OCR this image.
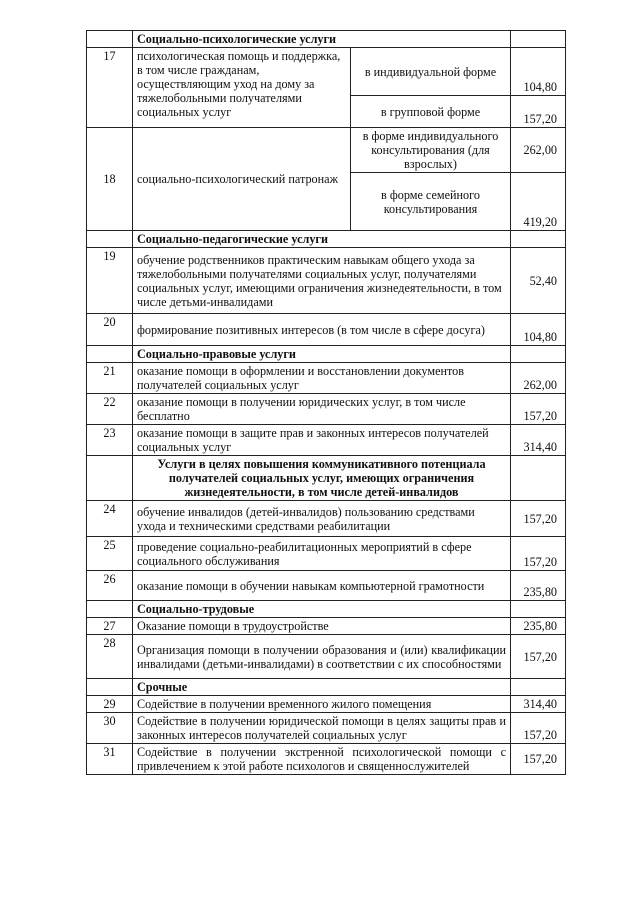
	Социально-психологические услуги		
17	психологическая помощь и поддержка, в том числе гражданам, осуществляющим уход на дому за тяжелобольными получателями социальных услуг	в индивидуальной форме	104,80
		в групповой форме	157,20
18	социально-психологический патронаж	в форме индивидуального консультирования (для взрослых)	262,00
		в форме семейного консультирования	419,20
	Социально-педагогические услуги		
19	обучение родственников практическим навыкам общего ухода за тяжелобольными получателями социальных услуг, получателями социальных услуг, имеющими ограничения жизнедеятельности, в том числе детьми-инвалидами		52,40
20	формирование позитивных интересов (в том числе в сфере досуга)		104,80
	Социально-правовые услуги		
21	оказание помощи в оформлении и восстановлении документов получателей социальных услуг		262,00
22	оказание помощи в получении юридических услуг, в том числе бесплатно		157,20
23	оказание помощи в защите прав и законных интересов получателей социальных услуг		314,40
	Услуги в целях повышения коммуникативного потенциала получателей социальных услуг, имеющих ограничения жизнедеятельности, в том числе детей-инвалидов		
24	обучение инвалидов (детей-инвалидов) пользованию средствами ухода и техническими средствами реабилитации		157,20
25	проведение социально-реабилитационных мероприятий в сфере социального обслуживания		157,20
26	оказание помощи в обучении навыкам компьютерной грамотности		235,80
	Социально-трудовые		
27	Оказание помощи в трудоустройстве		235,80
28	Организация помощи в получении образования и (или) квалификации инвалидами (детьми-инвалидами) в соответствии с их способностями		157,20
	Срочные		
29	Содействие в получении временного жилого помещения		314,40
30	Содействие в получении юридической помощи в целях защиты прав и законных интересов получателей социальных услуг		157,20
31	Содействие в получении экстренной психологической помощи с привлечением к этой работе психологов и священнослужителей		157,20
